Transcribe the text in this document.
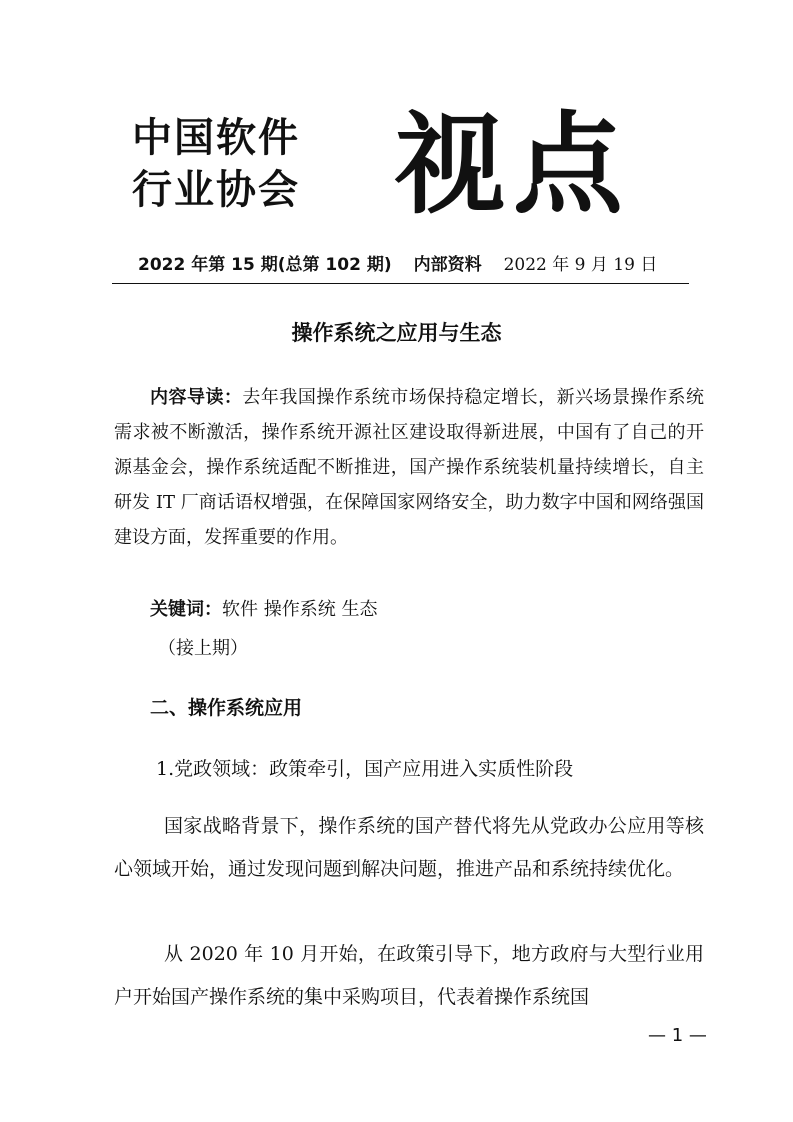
中国软件
行业协会 视点
2022 年第 15 期(总第 102 期) 内部资料 2022 年 9 月 19 日
操作系统之应用与生态
内容导读：去年我国操作系统市场保持稳定增长，新兴场景操作系统需求被不断激活，操作系统开源社区建设取得新进展，中国有了自己的开源基金会，操作系统适配不断推进，国产操作系统装机量持续增长，自主研发 IT 厂商话语权增强，在保障国家网络安全，助力数字中国和网络强国建设方面，发挥重要的作用。
关键词：软件 操作系统 生态
（接上期）
二、操作系统应用
1.党政领域：政策牵引，国产应用进入实质性阶段

国家战略背景下，操作系统的国产替代将先从党政办公应用等核心领域开始，通过发现问题到解决问题，推进产品和系统持续优化。

从 2020 年 10 月开始，在政策引导下，地方政府与大型行业用户开始国产操作系统的集中采购项目，代表着操作系统国

— 1 —
